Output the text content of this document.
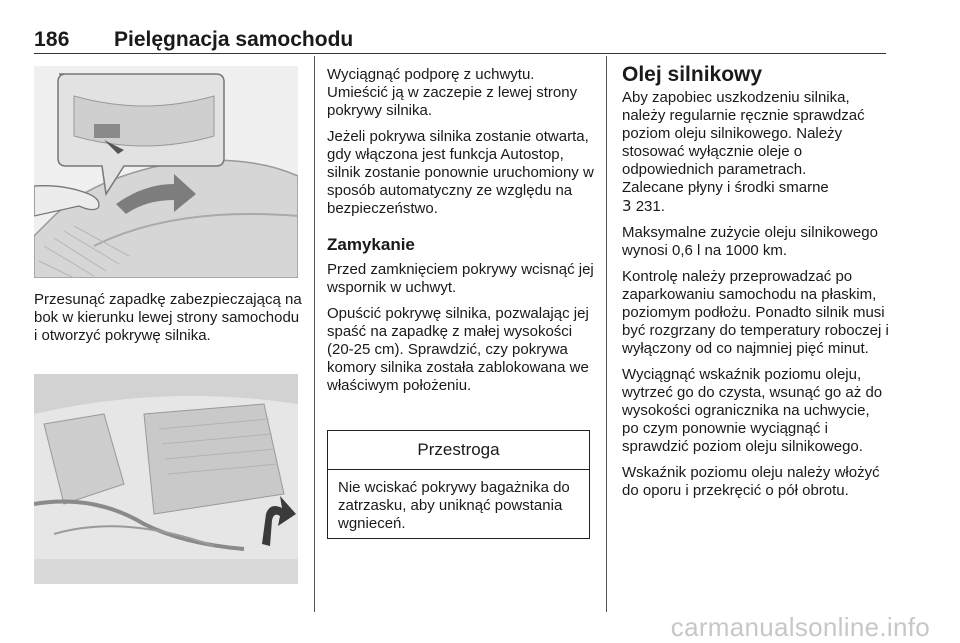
186 Pielęgnacja samochodu

Przesunąć zapadkę zabezpieczającą na bok w kierunku lewej strony samochodu i otworzyć pokrywę silnika.

Wyciągnąć podporę z uchwytu. Umieścić ją w zaczepie z lewej strony pokrywy silnika.

Jeżeli pokrywa silnika zostanie otwarta, gdy włączona jest funkcja Autostop, silnik zostanie ponownie uruchomiony w sposób automatyczny ze względu na bezpieczeństwo.

Zamykanie

Przed zamknięciem pokrywy wcisnąć jej wspornik w uchwyt.

Opuścić pokrywę silnika, pozwalając jej spaść na zapadkę z małej wysokości (20-25 cm). Sprawdzić, czy pokrywa komory silnika została zablokowana we właściwym położeniu.

Przestroga
Nie wciskać pokrywy bagażnika do zatrzasku, aby uniknąć powstania wgnieceń.
Olej silnikowy

Aby zapobiec uszkodzeniu silnika, należy regularnie ręcznie sprawdzać poziom oleju silnikowego. Należy stosować wyłącznie oleje o odpowiednich parametrach.

Zalecane płyny i środki smarne
3 231.

Maksymalne zużycie oleju silnikowego wynosi 0,6 l na 1000 km.

Kontrolę należy przeprowadzać po zaparkowaniu samochodu na płaskim, poziomym podłożu. Ponadto silnik musi być rozgrzany do temperatury roboczej i wyłączony od co najmniej pięć minut.

Wyciągnąć wskaźnik poziomu oleju, wytrzeć go do czysta, wsunąć go aż do wysokości ogranicznika na uchwycie, po czym ponownie wyciągnąć i sprawdzić poziom oleju silnikowego.

Wskaźnik poziomu oleju należy włożyć do oporu i przekręcić o pół obrotu.

carmanualsonline.info
